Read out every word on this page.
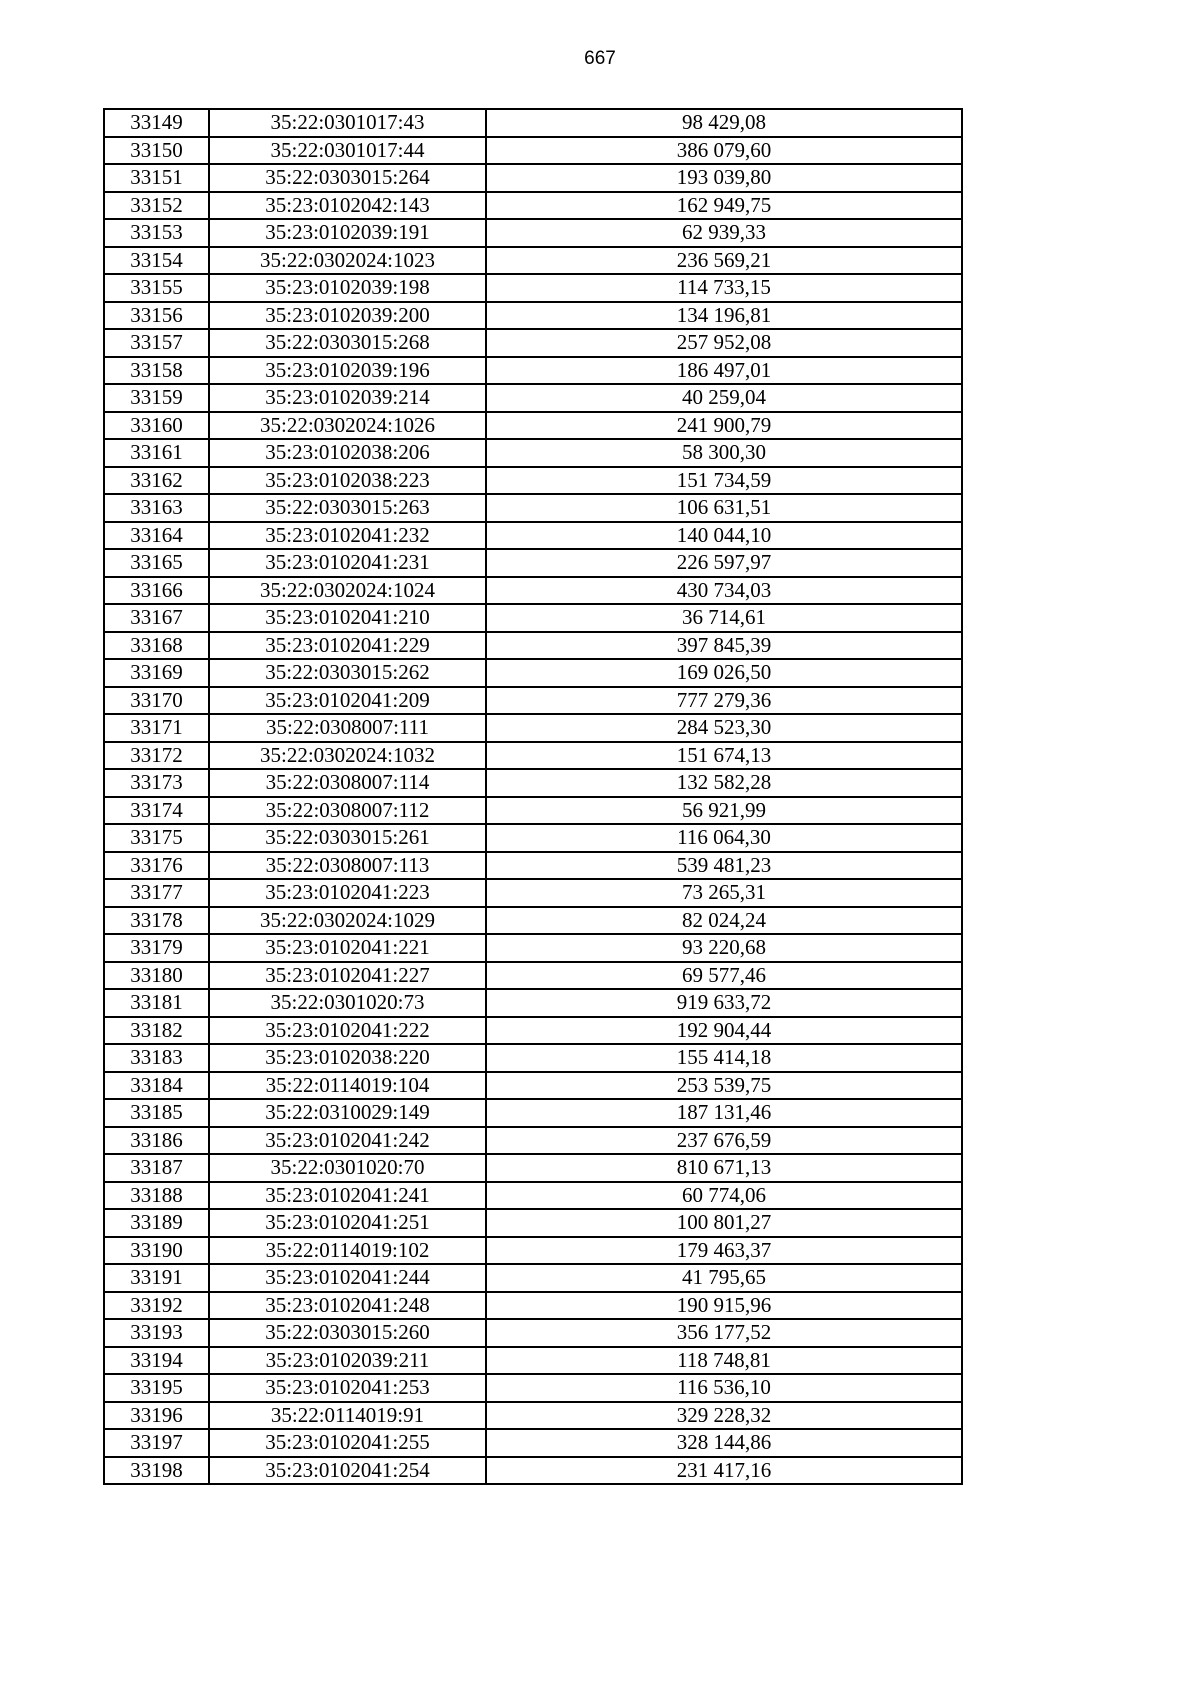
667
33149	35:22:0301017:43	98 429,08
33150	35:22:0301017:44	386 079,60
33151	35:22:0303015:264	193 039,80
33152	35:23:0102042:143	162 949,75
33153	35:23:0102039:191	62 939,33
33154	35:22:0302024:1023	236 569,21
33155	35:23:0102039:198	114 733,15
33156	35:23:0102039:200	134 196,81
33157	35:22:0303015:268	257 952,08
33158	35:23:0102039:196	186 497,01
33159	35:23:0102039:214	40 259,04
33160	35:22:0302024:1026	241 900,79
33161	35:23:0102038:206	58 300,30
33162	35:23:0102038:223	151 734,59
33163	35:22:0303015:263	106 631,51
33164	35:23:0102041:232	140 044,10
33165	35:23:0102041:231	226 597,97
33166	35:22:0302024:1024	430 734,03
33167	35:23:0102041:210	36 714,61
33168	35:23:0102041:229	397 845,39
33169	35:22:0303015:262	169 026,50
33170	35:23:0102041:209	777 279,36
33171	35:22:0308007:111	284 523,30
33172	35:22:0302024:1032	151 674,13
33173	35:22:0308007:114	132 582,28
33174	35:22:0308007:112	56 921,99
33175	35:22:0303015:261	116 064,30
33176	35:22:0308007:113	539 481,23
33177	35:23:0102041:223	73 265,31
33178	35:22:0302024:1029	82 024,24
33179	35:23:0102041:221	93 220,68
33180	35:23:0102041:227	69 577,46
33181	35:22:0301020:73	919 633,72
33182	35:23:0102041:222	192 904,44
33183	35:23:0102038:220	155 414,18
33184	35:22:0114019:104	253 539,75
33185	35:22:0310029:149	187 131,46
33186	35:23:0102041:242	237 676,59
33187	35:22:0301020:70	810 671,13
33188	35:23:0102041:241	60 774,06
33189	35:23:0102041:251	100 801,27
33190	35:22:0114019:102	179 463,37
33191	35:23:0102041:244	41 795,65
33192	35:23:0102041:248	190 915,96
33193	35:22:0303015:260	356 177,52
33194	35:23:0102039:211	118 748,81
33195	35:23:0102041:253	116 536,10
33196	35:22:0114019:91	329 228,32
33197	35:23:0102041:255	328 144,86
33198	35:23:0102041:254	231 417,16
